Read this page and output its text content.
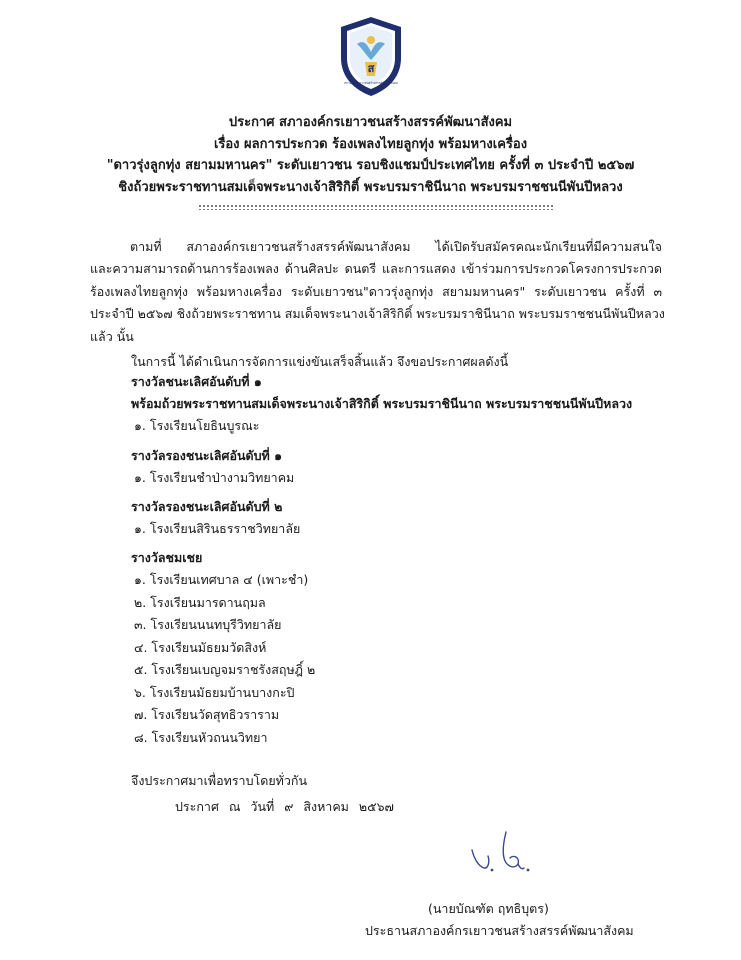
ส
สภาองค์กรเยาวชนสร้างสรรค์พัฒนาสังคม
ประกาศ สภาองค์กรเยาวชนสร้างสรรค์พัฒนาสังคม
เรื่อง ผลการประกวด ร้องเพลงไทยลูกทุ่ง พร้อมหางเครื่อง
"ดาวรุ่งลูกทุ่ง สยามมหานคร" ระดับเยาวชน รอบชิงแชมป์ประเทศไทย ครั้งที่ ๓ ประจำปี ๒๕๖๗
ชิงถ้วยพระราชทานสมเด็จพระนางเจ้าสิริกิติ์ พระบรมราชินีนาถ พระบรมราชชนนีพันปีหลวง
ตามที่ สภาองค์กรเยาวชนสร้างสรรค์พัฒนาสังคม ได้เปิดรับสมัครคณะนักเรียนที่มีความสนใจ
และความสามารถด้านการร้องเพลง ด้านศิลปะ ดนตรี และการแสดง เข้าร่วมการประกวดโครงการประกวด
ร้องเพลงไทยลูกทุ่ง พร้อมหางเครื่อง ระดับเยาวชน"ดาวรุ่งลูกทุ่ง สยามมหานคร" ระดับเยาวชน ครั้งที่ ๓
ประจำปี ๒๕๖๗ ชิงถ้วยพระราชทาน สมเด็จพระนางเจ้าสิริกิติ์ พระบรมราชินีนาถ พระบรมราชชนนีพันปีหลวง
แล้ว นั้น
ในการนี้ ได้ดำเนินการจัดการแข่งขันเสร็จสิ้นแล้ว จึงขอประกาศผลดังนี้
รางวัลชนะเลิศอันดับที่ ๑
พร้อมถ้วยพระราชทานสมเด็จพระนางเจ้าสิริกิติ์ พระบรมราชินีนาถ พระบรมราชชนนีพันปีหลวง
๑. โรงเรียนโยธินบูรณะ
รางวัลรองชนะเลิศอันดับที่ ๑
๑. โรงเรียนชำป่างามวิทยาคม
รางวัลรองชนะเลิศอันดับที่ ๒
๑. โรงเรียนสิรินธรราชวิทยาลัย
รางวัลชมเชย
๑. โรงเรียนเทศบาล ๔ (เพาะชำ)
๒. โรงเรียนมารดานฤมล
๓. โรงเรียนนนทบุรีวิทยาลัย
๔. โรงเรียนมัธยมวัดสิงห์
๕. โรงเรียนเบญจมราชรังสฤษฎิ์ ๒
๖. โรงเรียนมัธยมบ้านบางกะปิ
๗. โรงเรียนวัดสุทธิวราราม
๘. โรงเรียนหัวถนนวิทยา
จึงประกาศมาเพื่อทราบโดยทั่วกัน
ประกาศ ณ วันที่ ๙ สิงหาคม ๒๕๖๗
(นายบัณฑัต ฤทธิบุตร)
ประธานสภาองค์กรเยาวชนสร้างสรรค์พัฒนาสังคม
